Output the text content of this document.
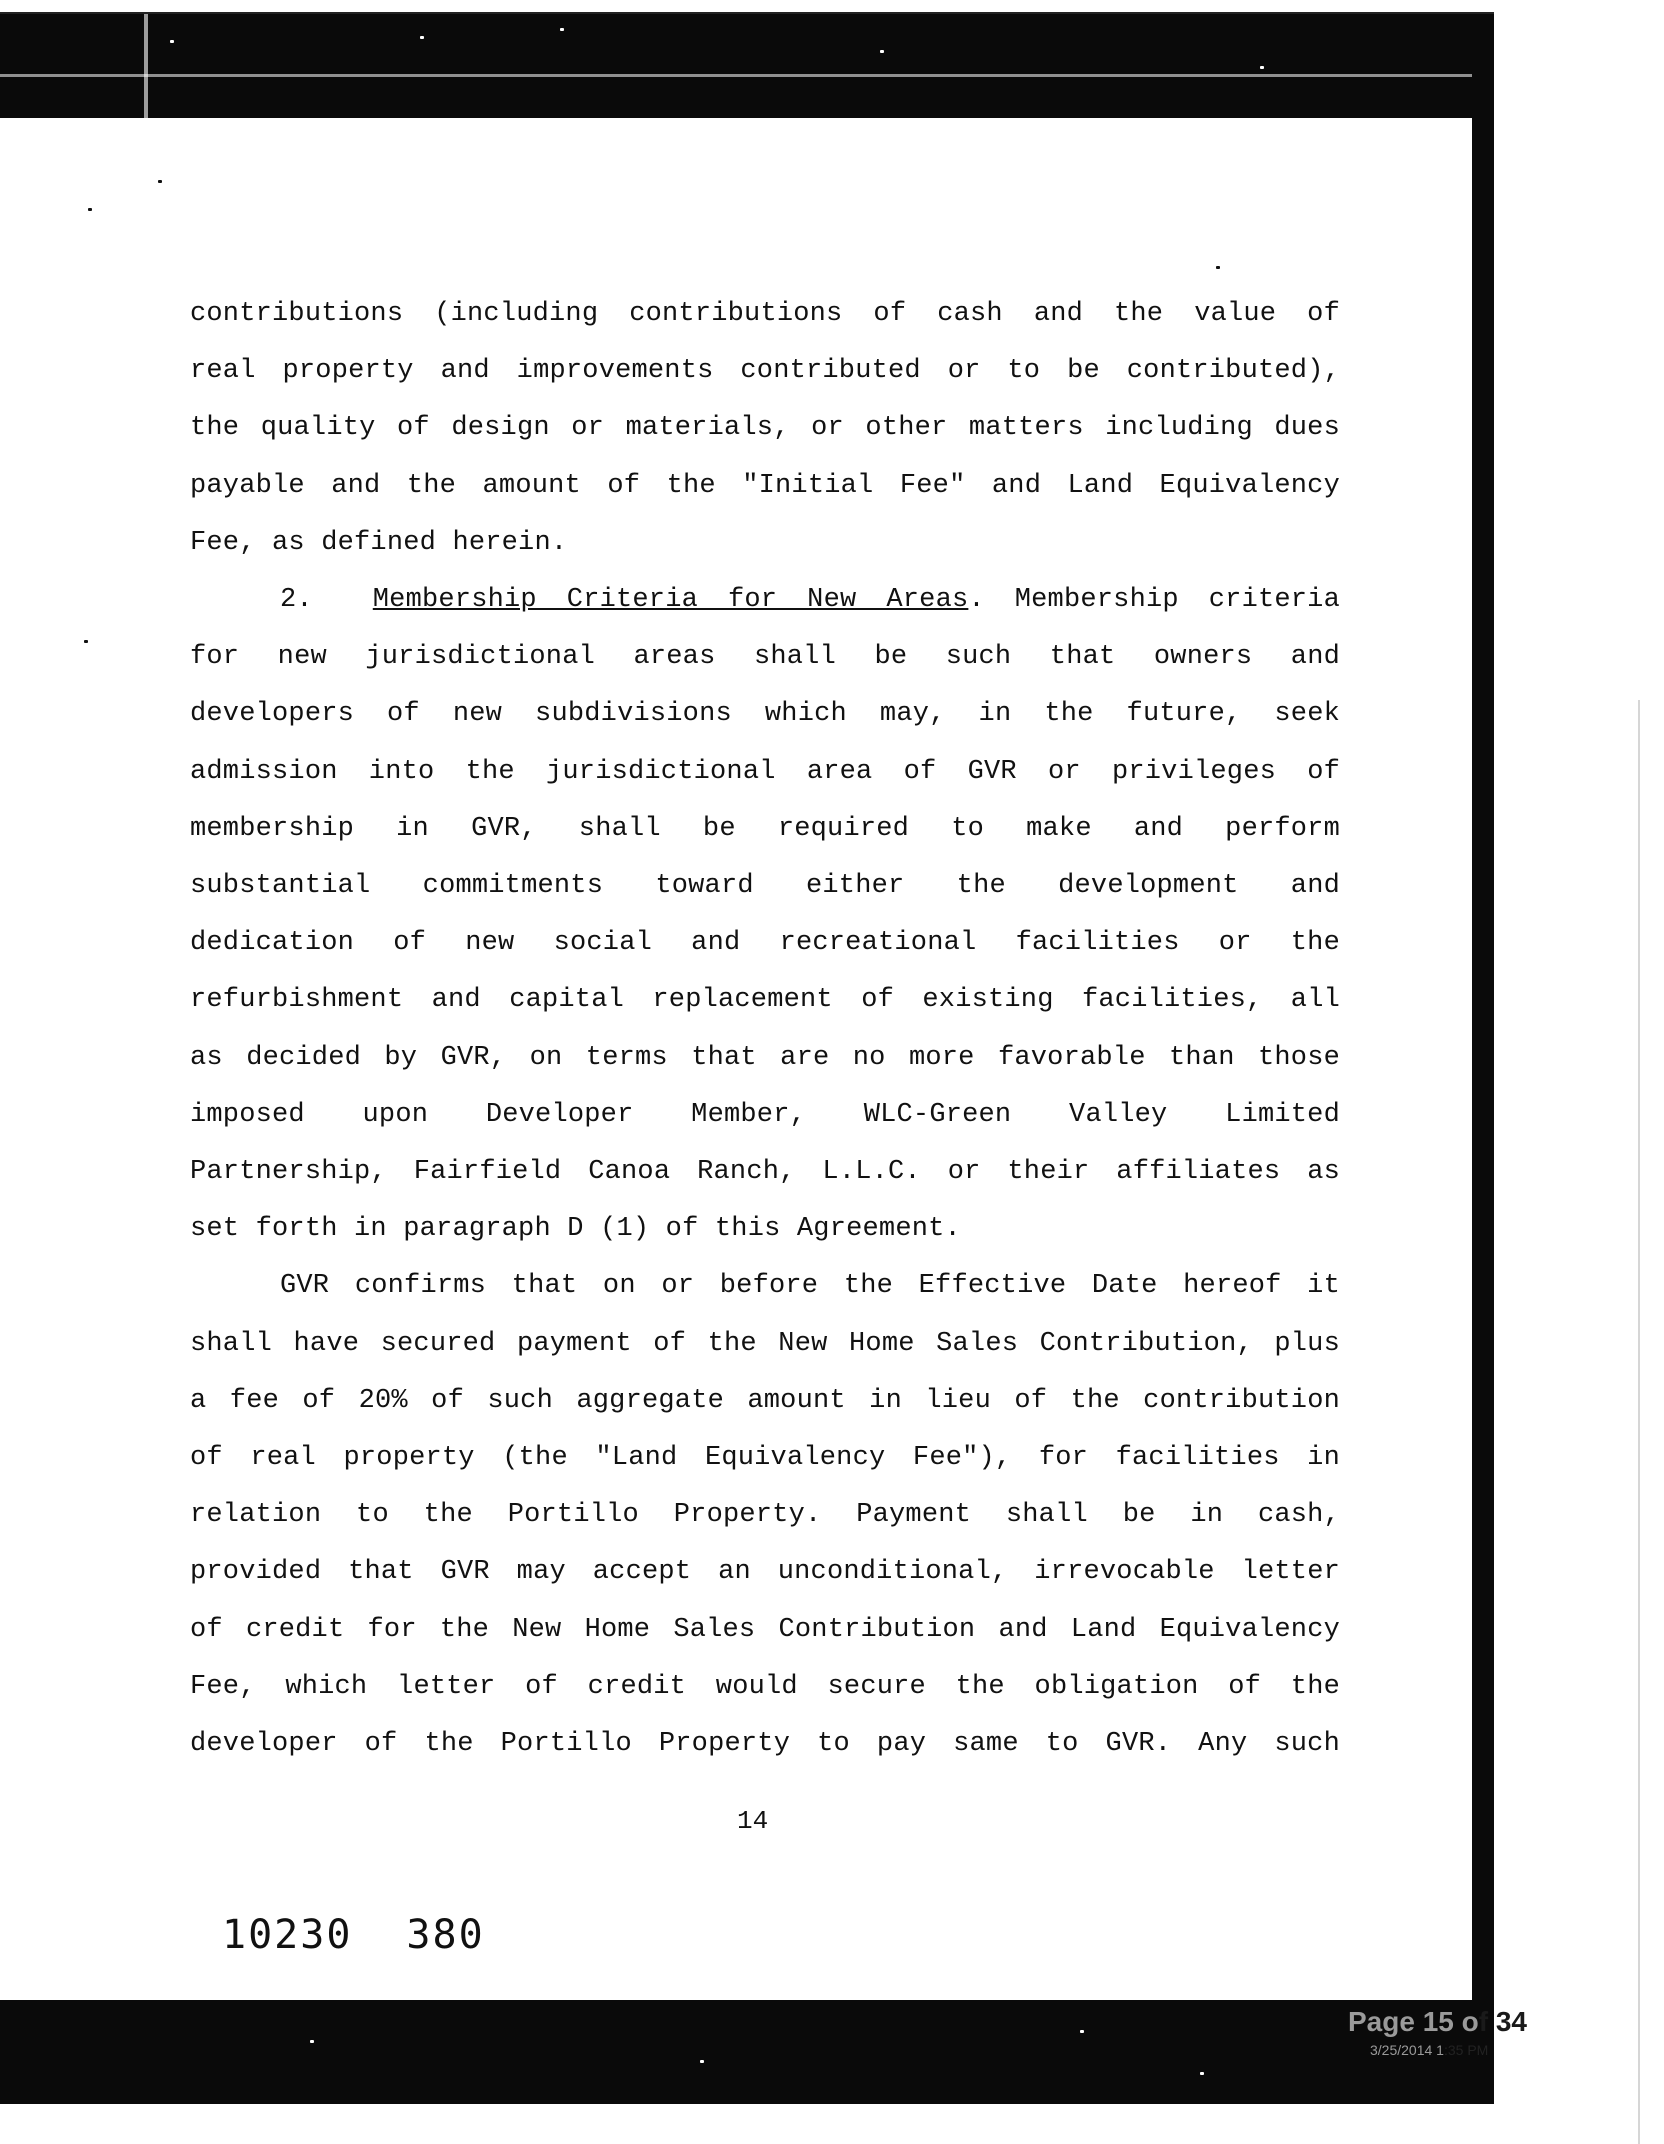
contributions (including contributions of cash and the value of

real property and improvements contributed or to be contributed),

the quality of design or materials, or other matters including dues

payable and the amount of the "Initial Fee" and Land Equivalency

Fee, as defined herein.

2. Membership Criteria for New Areas. Membership criteria

for new jurisdictional areas shall be such that owners and

developers of new subdivisions which may, in the future, seek

admission into the jurisdictional area of GVR or privileges of

membership in GVR, shall be required to make and perform

substantial commitments toward either the development and

dedication of new social and recreational facilities or the

refurbishment and capital replacement of existing facilities, all

as decided by GVR, on terms that are no more favorable than those

imposed upon Developer Member, WLC-Green Valley Limited

Partnership, Fairfield Canoa Ranch, L.L.C. or their affiliates as

set forth in paragraph D (1) of this Agreement.

GVR confirms that on or before the Effective Date hereof it

shall have secured payment of the New Home Sales Contribution, plus

a fee of 20% of such aggregate amount in lieu of the contribution

of real property (the "Land Equivalency Fee"), for facilities in

relation to the Portillo Property. Payment shall be in cash,

provided that GVR may accept an unconditional, irrevocable letter

of credit for the New Home Sales Contribution and Land Equivalency

Fee, which letter of credit would secure the obligation of the

developer of the Portillo Property to pay same to GVR. Any such

14
10230 380
Page 15 of 34
3/25/2014 1:35 PM
